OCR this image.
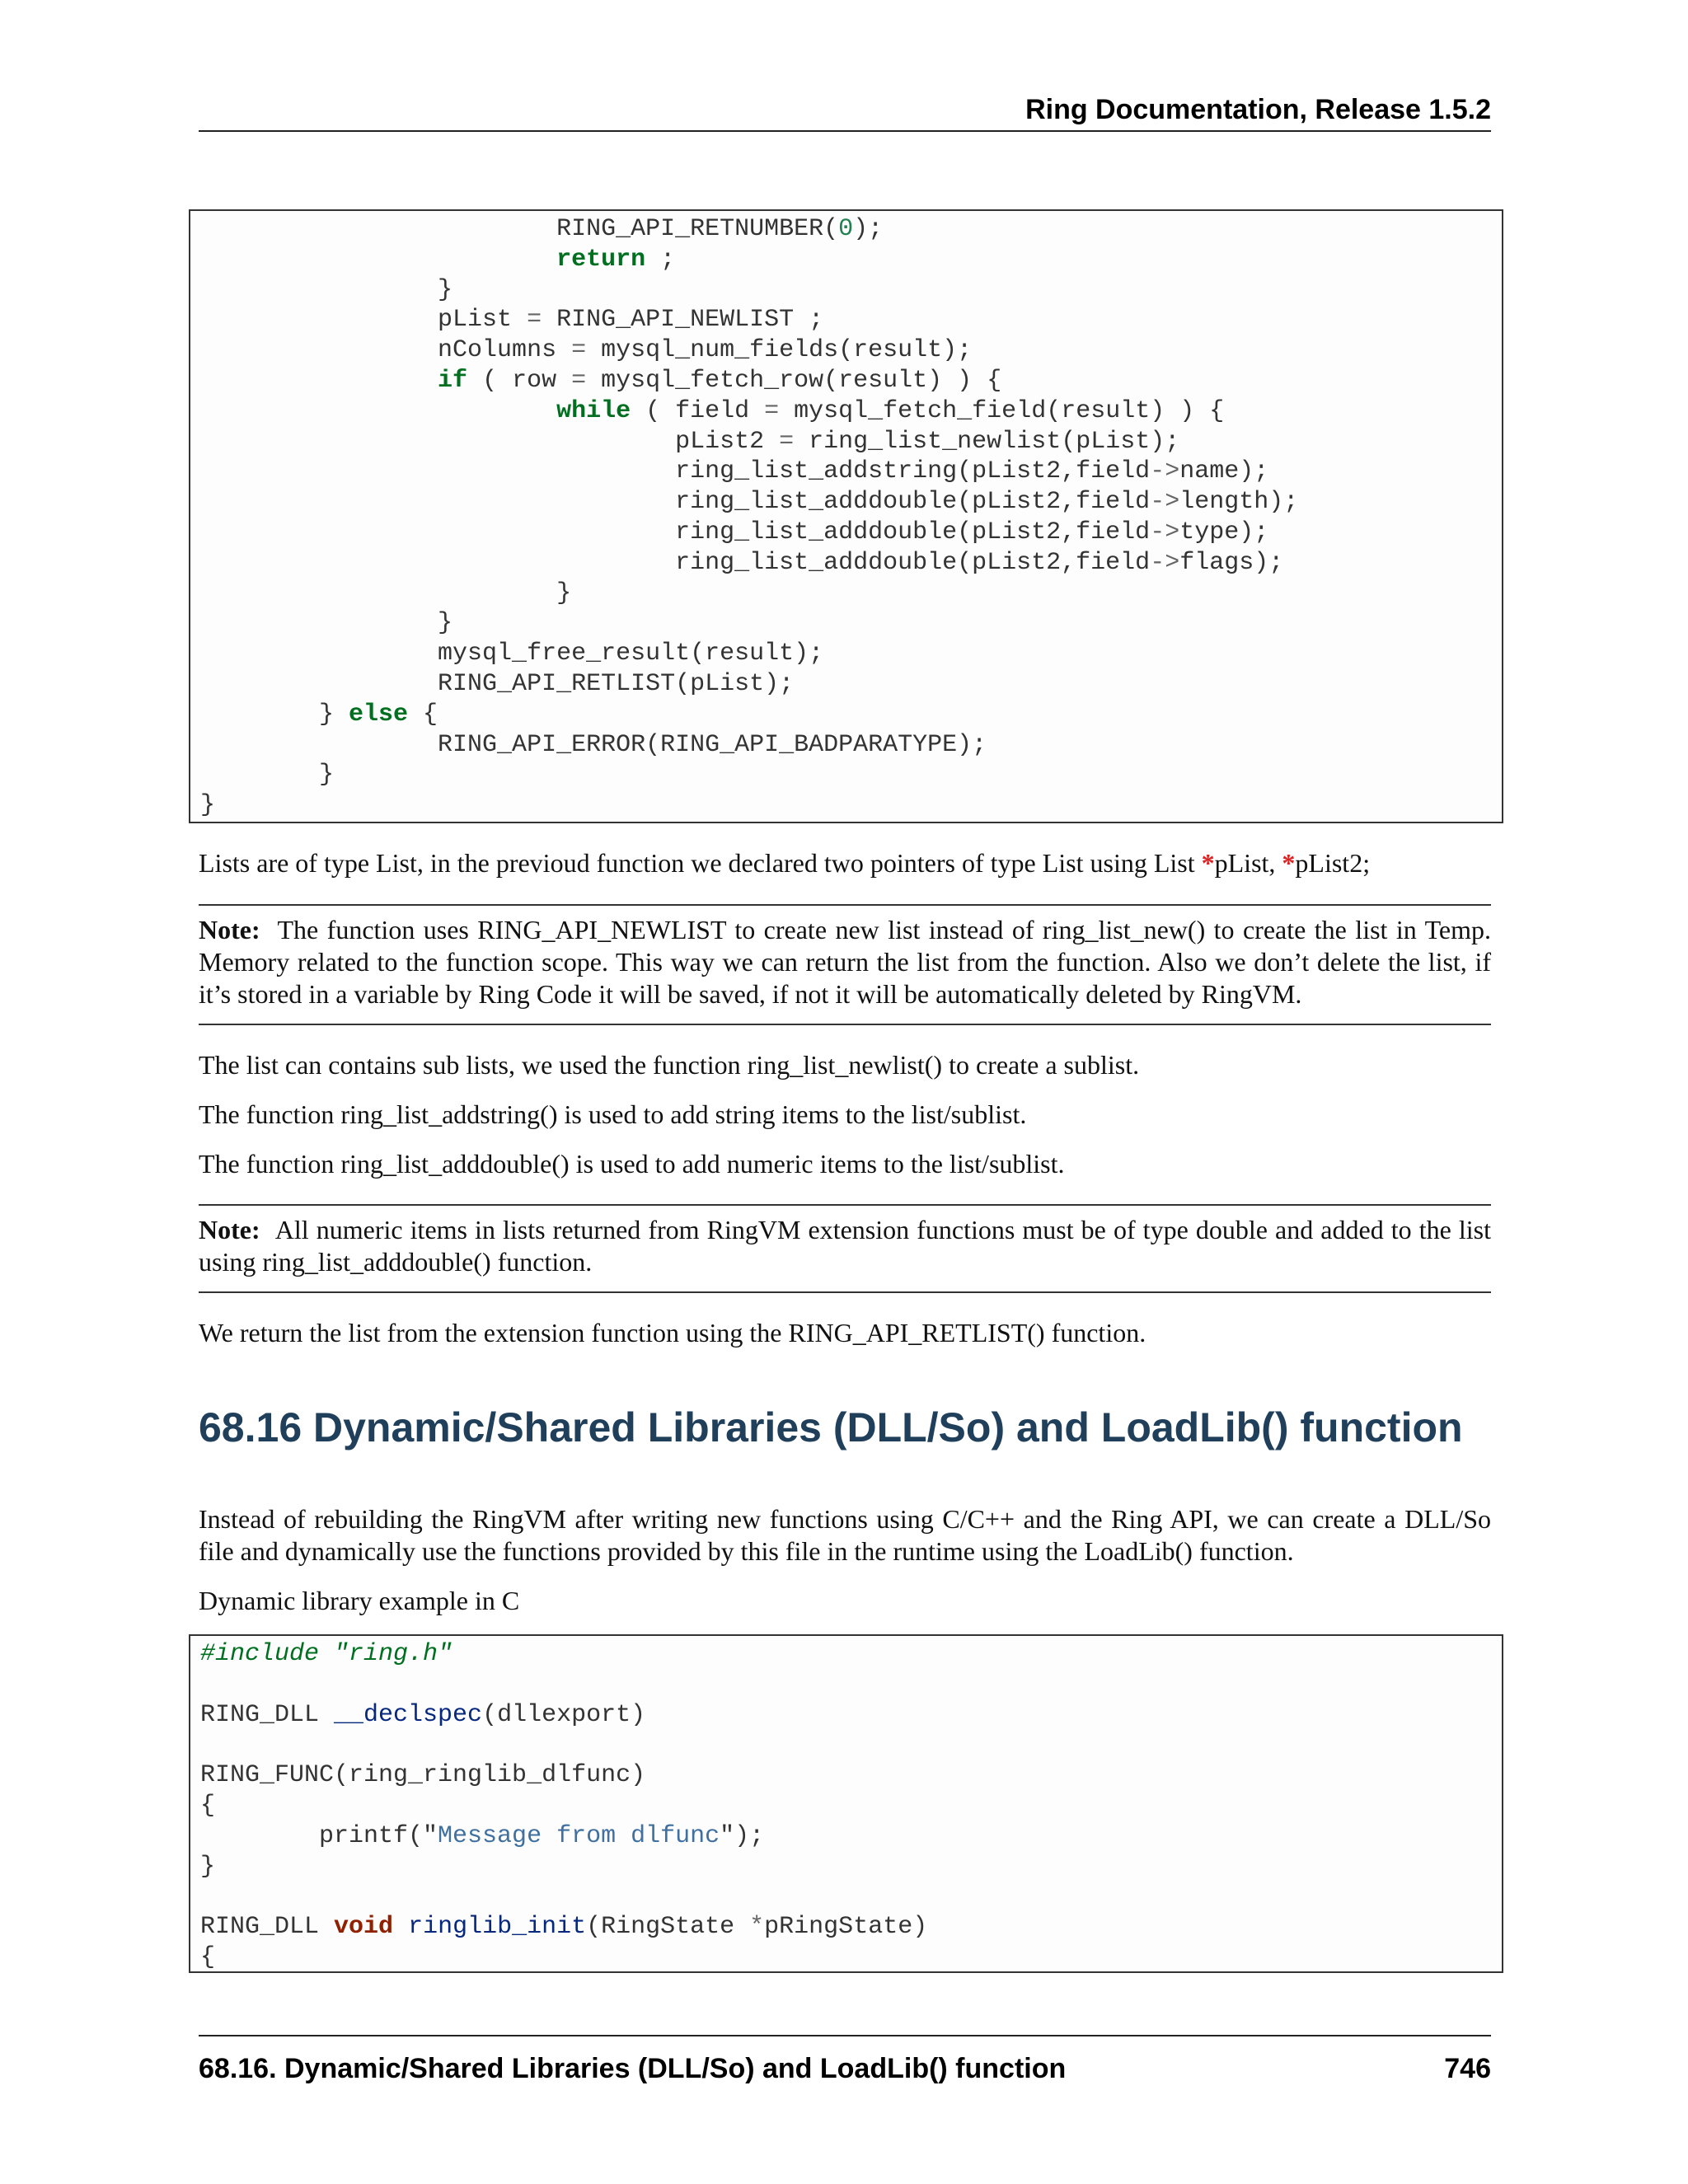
Ring Documentation, Release 1.5.2
RING_API_RETNUMBER(0);
return ;
}
pList = RING_API_NEWLIST ;
nColumns = mysql_num_fields(result);
if ( row = mysql_fetch_row(result) ) {
while ( field = mysql_fetch_field(result) ) {
pList2 = ring_list_newlist(pList);
ring_list_addstring(pList2,field->name);
ring_list_adddouble(pList2,field->length);
ring_list_adddouble(pList2,field->type);
ring_list_adddouble(pList2,field->flags);
}
}
mysql_free_result(result);
RING_API_RETLIST(pList);
} else {
RING_API_ERROR(RING_API_BADPARATYPE);
}
}

Lists are of type List, in the previoud function we declared two pointers of type List using List *pList, *pList2;

Note: The function uses RING_API_NEWLIST to create new list instead of ring_list_new() to create the list in Temp. Memory related to the function scope. This way we can return the list from the function. Also we don’t delete the list, if it’s stored in a variable by Ring Code it will be saved, if not it will be automatically deleted by RingVM.

The list can contains sub lists, we used the function ring_list_newlist() to create a sublist.

The function ring_list_addstring() is used to add string items to the list/sublist.

The function ring_list_adddouble() is used to add numeric items to the list/sublist.

Note: All numeric items in lists returned from RingVM extension functions must be of type double and added to the list using ring_list_adddouble() function.

We return the list from the extension function using the RING_API_RETLIST() function.

68.16 Dynamic/Shared Libraries (DLL/So) and LoadLib() function

Instead of rebuilding the RingVM after writing new functions using C/C++ and the Ring API, we can create a DLL/So file and dynamically use the functions provided by this file in the runtime using the LoadLib() function.

Dynamic library example in C

#include "ring.h"

RING_DLL __declspec(dllexport)

RING_FUNC(ring_ringlib_dlfunc)
{
printf("Message from dlfunc");
}

RING_DLL void ringlib_init(RingState *pRingState)
{
68.16. Dynamic/Shared Libraries (DLL/So) and LoadLib() function	746
